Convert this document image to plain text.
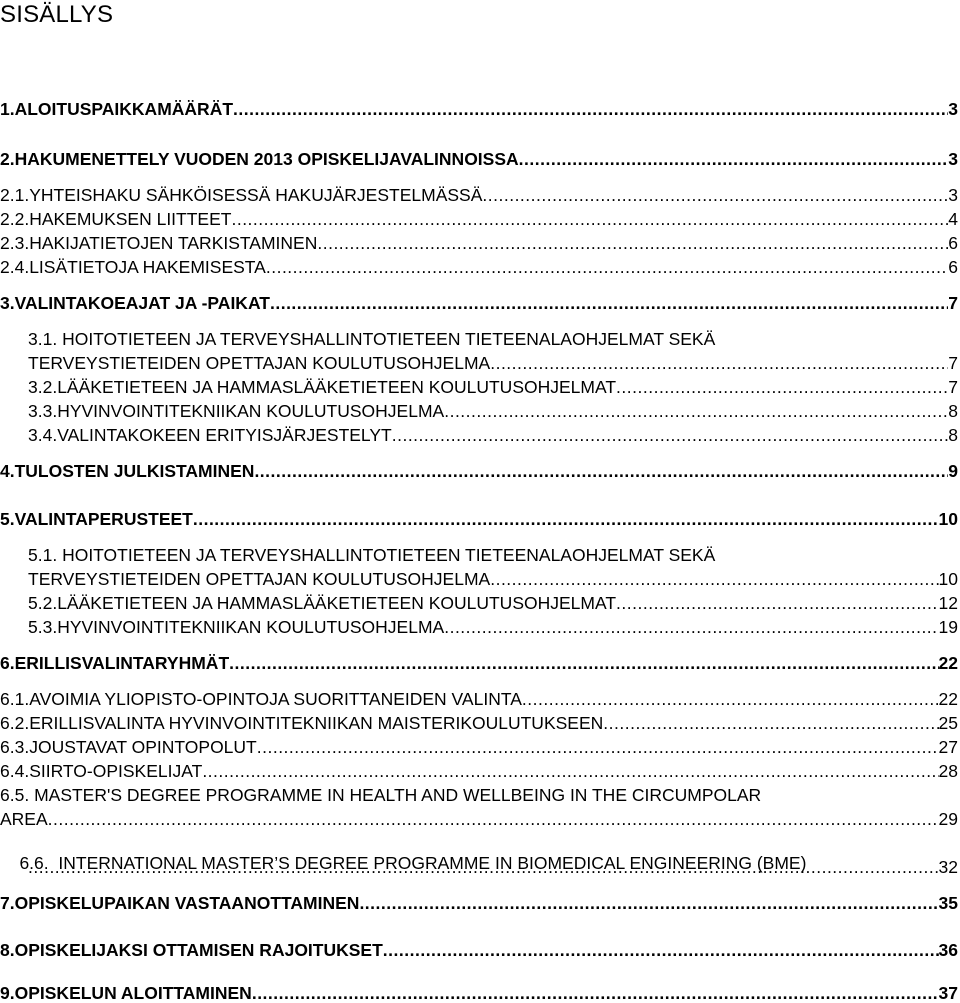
SISÄLLYS
1. ALOITUSPAIKKAMÄÄRÄT .....	3
2. HAKUMENETTELY VUODEN 2013 OPISKELIJAVALINNOISSA .....	3
2.1. YHTEISHAKU SÄHKÖISESSÄ HAKUJÄRJESTELMÄSSÄ .....	3
2.2. HAKEMUKSEN LIITTEET .....	4
2.3. HAKIJATIETOJEN TARKISTAMINEN .....	6
2.4. LISÄTIETOJA HAKEMISESTA .....	6
3. VALINTAKOEAJAT JA -PAIKAT .....	7
3.1. HOITOTIETEEN JA TERVEYSHALLINTOTIETEEN TIETEENALAOHJELMAT SEKÄ
TERVEYSTIETEIDEN OPETTAJAN KOULUTUSOHJELMA .....	7
3.2. LÄÄKETIETEEN JA HAMMASLÄÄKETIETEEN KOULUTUSOHJELMAT .....	7
3.3. HYVINVOINTITEKNIIKAN KOULUTUSOHJELMA .....	8
3.4. VALINTAKOKEEN ERITYISJÄRJESTELYT .....	8
4. TULOSTEN JULKISTAMINEN .....	9
5. VALINTAPERUSTEET .....	10
5.1. HOITOTIETEEN JA TERVEYSHALLINTOTIETEEN TIETEENALAOHJELMAT SEKÄ
TERVEYSTIETEIDEN OPETTAJAN KOULUTUSOHJELMA .....	10
5.2. LÄÄKETIETEEN JA HAMMASLÄÄKETIETEEN KOULUTUSOHJELMAT .....	12
5.3. HYVINVOINTITEKNIIKAN KOULUTUSOHJELMA .....	19
6. ERILLISVALINTARYHMÄT .....	22
6.1. AVOIMIA YLIOPISTO-OPINTOJA SUORITTANEIDEN VALINTA .....	22
6.2. ERILLISVALINTA HYVINVOINTITEKNIIKAN MAISTERIKOULUTUKSEEN .....	25
6.3. JOUSTAVAT OPINTOPOLUT .....	27
6.4. SIIRTO-OPISKELIJAT .....	28
6.5. MASTER'S DEGREE PROGRAMME IN HEALTH AND WELLBEING IN THE CIRCUMPOLAR
AREA .....	29

6.6.  INTERNATIONAL MASTER’S DEGREE PROGRAMME IN BIOMEDICAL ENGINEERING (BME)
.....	32
7. OPISKELUPAIKAN VASTAANOTTAMINEN .....	35
8. OPISKELIJAKSI OTTAMISEN RAJOITUKSET .....	36
9. OPISKELUN ALOITTAMINEN .....	37
